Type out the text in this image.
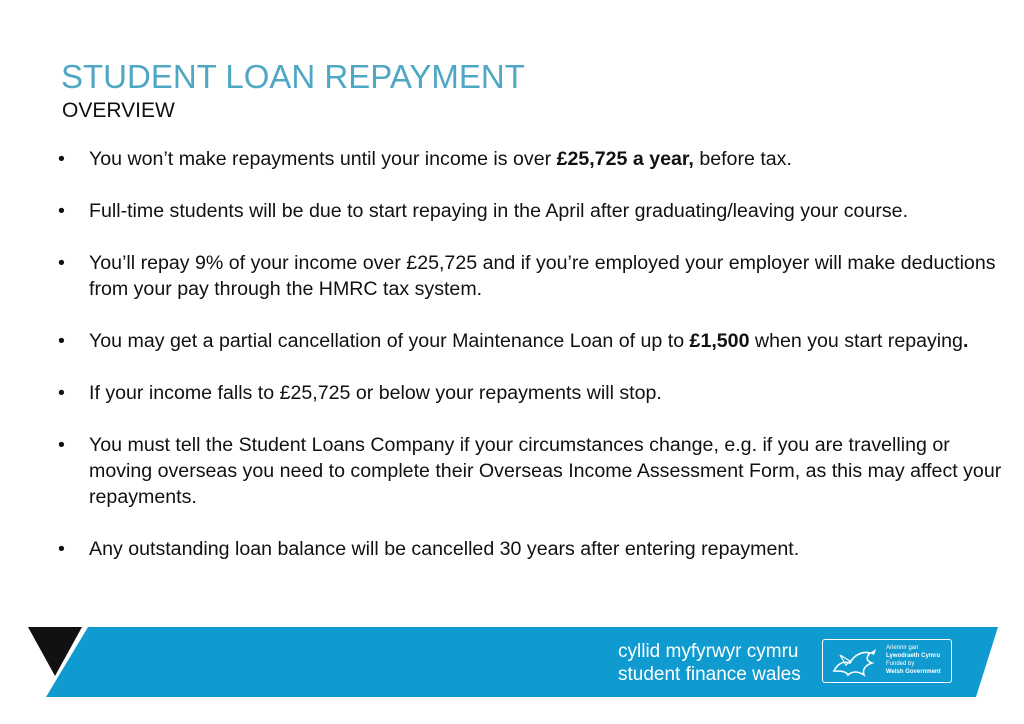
STUDENT LOAN REPAYMENT
OVERVIEW
• You won’t make repayments until your income is over £25,725 a year, before tax.
• Full-time students will be due to start repaying in the April after graduating/leaving your course.
• You’ll repay 9% of your income over £25,725 and if you’re employed your employer will make deductions from your pay through the HMRC tax system.
• You may get a partial cancellation of your Maintenance Loan of up to £1,500 when you start repaying.
• If your income falls to £25,725 or below your repayments will stop.
• You must tell the Student Loans Company if your circumstances change, e.g. if you are travelling or moving overseas you need to complete their Overseas Income Assessment Form, as this may affect your repayments.
• Any outstanding loan balance will be cancelled 30 years after entering repayment.
cyllid myfyrwyr cymru
student finance wales
Ariennir gan
Lywodraeth Cymru
Funded by
Welsh Government
